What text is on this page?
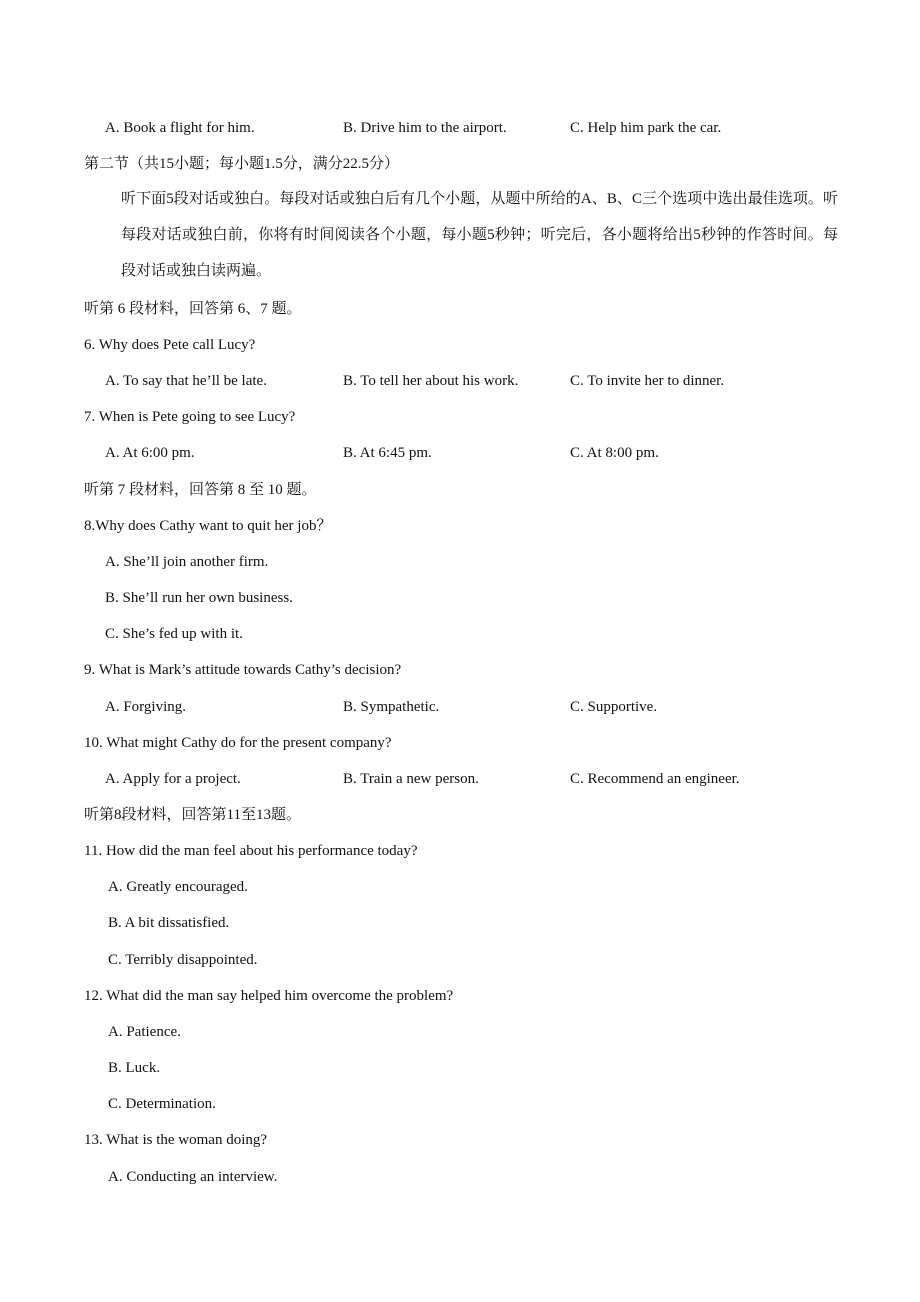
A. Book a flight for him.	B. Drive him to the airport.	C. Help him park the car.
第二节（共15小题；每小题1.5分，满分22.5分）
听下面5段对话或独白。每段对话或独白后有几个小题，从题中所给的A、B、C三个选项中选出最佳选项。听每段对话或独白前，你将有时间阅读各个小题，每小题5秒钟；听完后，各小题将给出5秒钟的作答时间。每段对话或独白读两遍。
听第 6 段材料，回答第 6、7 题。
6. Why does Pete call Lucy?
A. To say that he’ll be late.	B. To tell her about his work.	C. To invite her to dinner.
7. When is Pete going to see Lucy?
A. At 6:00 pm.	B. At 6:45 pm.	C. At 8:00 pm.
听第 7 段材料，回答第 8 至 10 题。
8.Why does Cathy want to quit her job？
A. She’ll join another firm.
B. She’ll run her own business.
C. She’s fed up with it.
9. What is Mark’s attitude towards Cathy’s decision?
A. Forgiving.	B. Sympathetic.	C. Supportive.
10. What might Cathy do for the present company?
A. Apply for a project.	B. Train a new person.	C. Recommend an engineer.
听第8段材料，回答第11至13题。
11. How did the man feel about his performance today?
A. Greatly encouraged.
B. A bit dissatisfied.
C. Terribly disappointed.
12. What did the man say helped him overcome the problem?
A. Patience.
B. Luck.
C. Determination.
13. What is the woman doing?
A. Conducting an interview.
